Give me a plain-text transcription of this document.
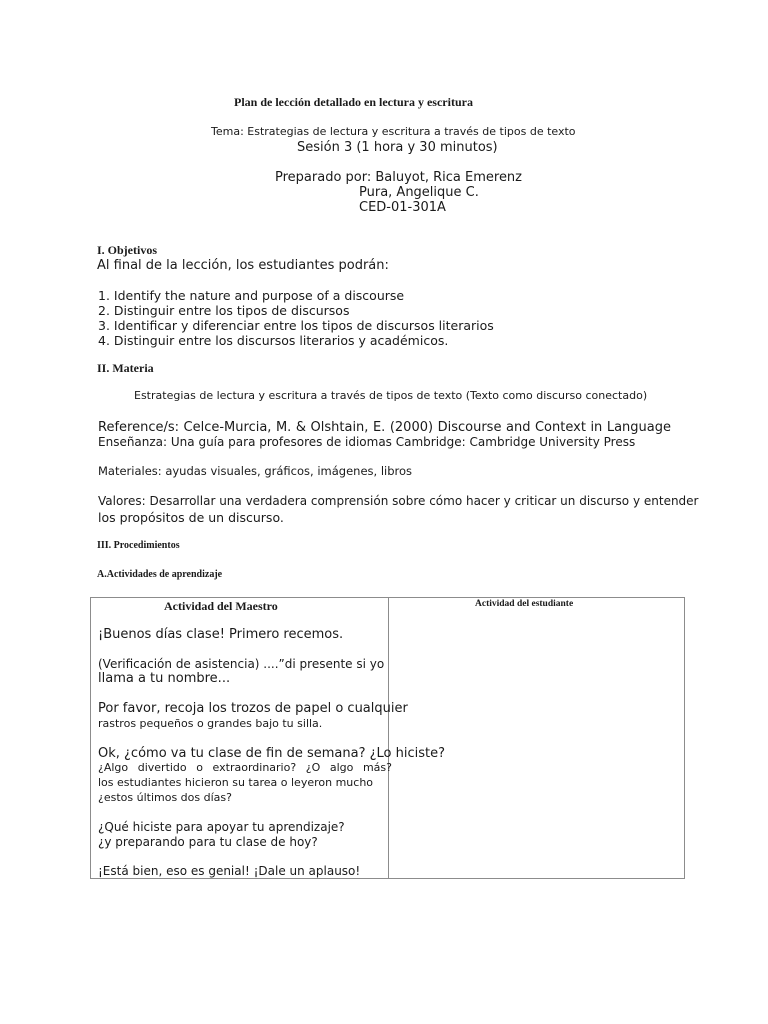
Plan de lección detallado en lectura y escritura
Tema: Estrategias de lectura y escritura a través de tipos de texto
Sesión 3 (1 hora y 30 minutos)
Preparado por: Baluyot, Rica Emerenz
Pura, Angelique C.
CED-01-301A
I. Objetivos
Al final de la lección, los estudiantes podrán:
1. Identify the nature and purpose of a discourse
2. Distinguir entre los tipos de discursos
3. Identificar y diferenciar entre los tipos de discursos literarios
4. Distinguir entre los discursos literarios y académicos.
II. Materia
Estrategias de lectura y escritura a través de tipos de texto (Texto como discurso conectado)
Reference/s: Celce-Murcia, M. & Olshtain, E. (2000) Discourse and Context in Language
Enseñanza: Una guía para profesores de idiomas Cambridge: Cambridge University Press
Materiales: ayudas visuales, gráficos, imágenes, libros
Valores: Desarrollar una verdadera comprensión sobre cómo hacer y criticar un discurso y entender
los propósitos de un discurso.
III. Procedimientos
A.Actividades de aprendizaje
Actividad del Maestro	Actividad del estudiante
¡Buenos días clase! Primero recemos.
(Verificación de asistencia) ....”di presente si yo
llama a tu nombre...
Por favor, recoja los trozos de papel o cualquier
rastros pequeños o grandes bajo tu silla.
Ok, ¿cómo va tu clase de fin de semana? ¿Lo hiciste?
¿Algo divertido o extraordinario? ¿O algo más?
los estudiantes hicieron su tarea o leyeron mucho
¿estos últimos dos días?
¿Qué hiciste para apoyar tu aprendizaje?
¿y preparando para tu clase de hoy?
¡Está bien, eso es genial! ¡Dale un aplauso!
